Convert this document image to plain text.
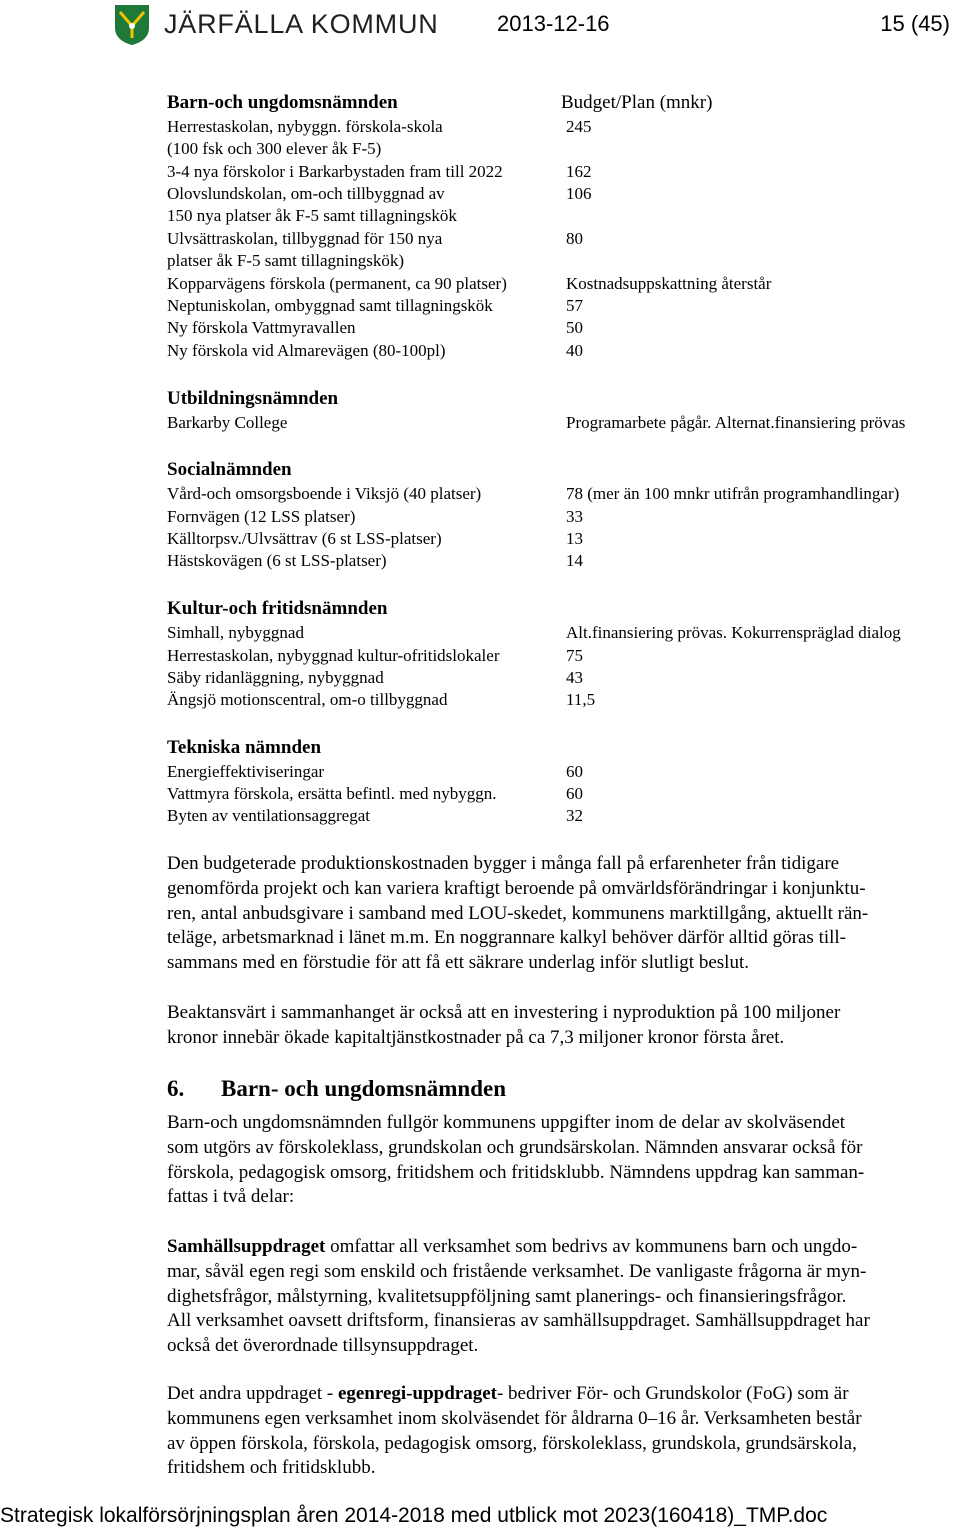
JÄRFÄLLA KOMMUN	2013-12-16	15 (45)
Barn-och ungdomsnämnden	Budget/Plan (mnkr)
Herrestaskolan, nybyggn. förskola-skola	245
(100 fsk och 300 elever åk F-5)
3-4 nya förskolor i Barkarbystaden fram till 2022	162
Olovslundskolan, om-och tillbyggnad av	106
150 nya platser åk F-5 samt tillagningskök
Ulvsättraskolan, tillbyggnad för 150 nya	80
platser åk F-5 samt tillagningskök)
Kopparvägens förskola (permanent, ca 90 platser)	Kostnadsuppskattning återstår
Neptuniskolan, ombyggnad samt tillagningskök	57
Ny förskola Vattmyravallen	50
Ny förskola vid Almarevägen (80-100pl)	40
Utbildningsnämnden
Barkarby College	Programarbete pågår. Alternat.finansiering prövas
Socialnämnden
Vård-och omsorgsboende i Viksjö (40 platser)	78 (mer än 100 mnkr utifrån programhandlingar)
Fornvägen (12 LSS platser)	33
Källtorpsv./Ulvsättrav (6 st LSS-platser)	13
Hästskovägen (6 st LSS-platser)	14
Kultur-och fritidsnämnden
Simhall, nybyggnad	Alt.finansiering prövas. Kokurrenspräglad dialog
Herrestaskolan, nybyggnad kultur-ofritidslokaler	75
Säby ridanläggning, nybyggnad	43
Ängsjö motionscentral, om-o tillbyggnad	11,5
Tekniska nämnden
Energieffektiviseringar	60
Vattmyra förskola, ersätta befintl. med nybyggn.	60
Byten av ventilationsaggregat	32

Den budgeterade produktionskostnaden bygger i många fall på erfarenheter från tidigare
genomförda projekt och kan variera kraftigt beroende på omvärldsförändringar i konjunktu-
ren, antal anbudsgivare i samband med LOU-skedet, kommunens marktillgång, aktuellt rän-
teläge, arbetsmarknad i länet m.m. En noggrannare kalkyl behöver därför alltid göras till-
sammans med en förstudie för att få ett säkrare underlag inför slutligt beslut.

Beaktansvärt i sammanhanget är också att en investering i nyproduktion på 100 miljoner
kronor innebär ökade kapitaltjänstkostnader på ca 7,3 miljoner kronor första året.

6. Barn- och ungdomsnämnden

Barn-och ungdomsnämnden fullgör kommunens uppgifter inom de delar av skolväsendet
som utgörs av förskoleklass, grundskolan och grundsärskolan. Nämnden ansvarar också för
förskola, pedagogisk omsorg, fritidshem och fritidsklubb. Nämndens uppdrag kan samman-
fattas i två delar:

Samhällsuppdraget omfattar all verksamhet som bedrivs av kommunens barn och ungdo-
mar, såväl egen regi som enskild och fristående verksamhet. De vanligaste frågorna är myn-
dighetsfrågor, målstyrning, kvalitetsuppföljning samt planerings- och finansieringsfrågor.
All verksamhet oavsett driftsform, finansieras av samhällsuppdraget. Samhällsuppdraget har
också det överordnade tillsynsuppdraget.

Det andra uppdraget - egenregi-uppdraget- bedriver För- och Grundskolor (FoG) som är
kommunens egen verksamhet inom skolväsendet för åldrarna 0–16 år. Verksamheten består
av öppen förskola, förskola, pedagogisk omsorg, förskoleklass, grundskola, grundsärskola,
fritidshem och fritidsklubb.

Strategisk lokalförsörjningsplan åren 2014-2018 med utblick mot 2023(160418)_TMP.doc
